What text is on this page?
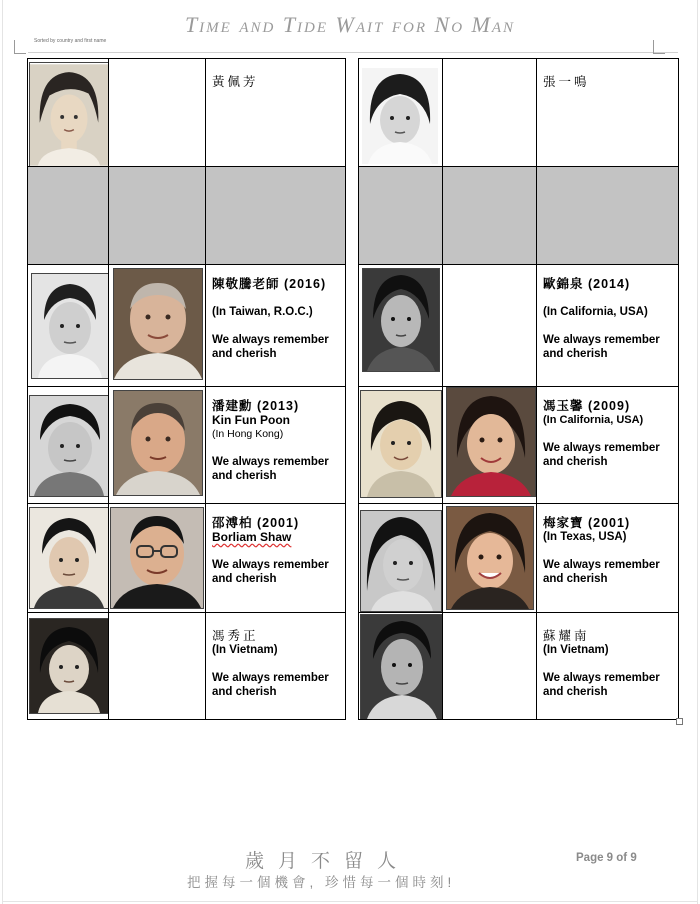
Time and Tide Wait for No Man
Sorted by country and first name

黃佩芳

陳敬騰老師 (2016)
(In Taiwan, R.O.C.)
We always remember
and cherish

潘建勳 (2013)
Kin Fun Poon
(In Hong Kong)
We always remember
and cherish

邵溥柏 (2001)
Borliam Shaw
We always remember
and cherish

馮秀正
(In Vietnam)
We always remember
and cherish

張一鳴

歐錦泉 (2014)
(In California, USA)
We always remember
and cherish

馮玉馨 (2009)
(In California, USA)
We always remember
and cherish

梅家寶 (2001)
(In Texas, USA)
We always remember
and cherish

蘇耀南
(In Vietnam)
We always remember
and cherish
歲月不留人
把握每一個機會, 珍惜每一個時刻!
Page 9 of 9
